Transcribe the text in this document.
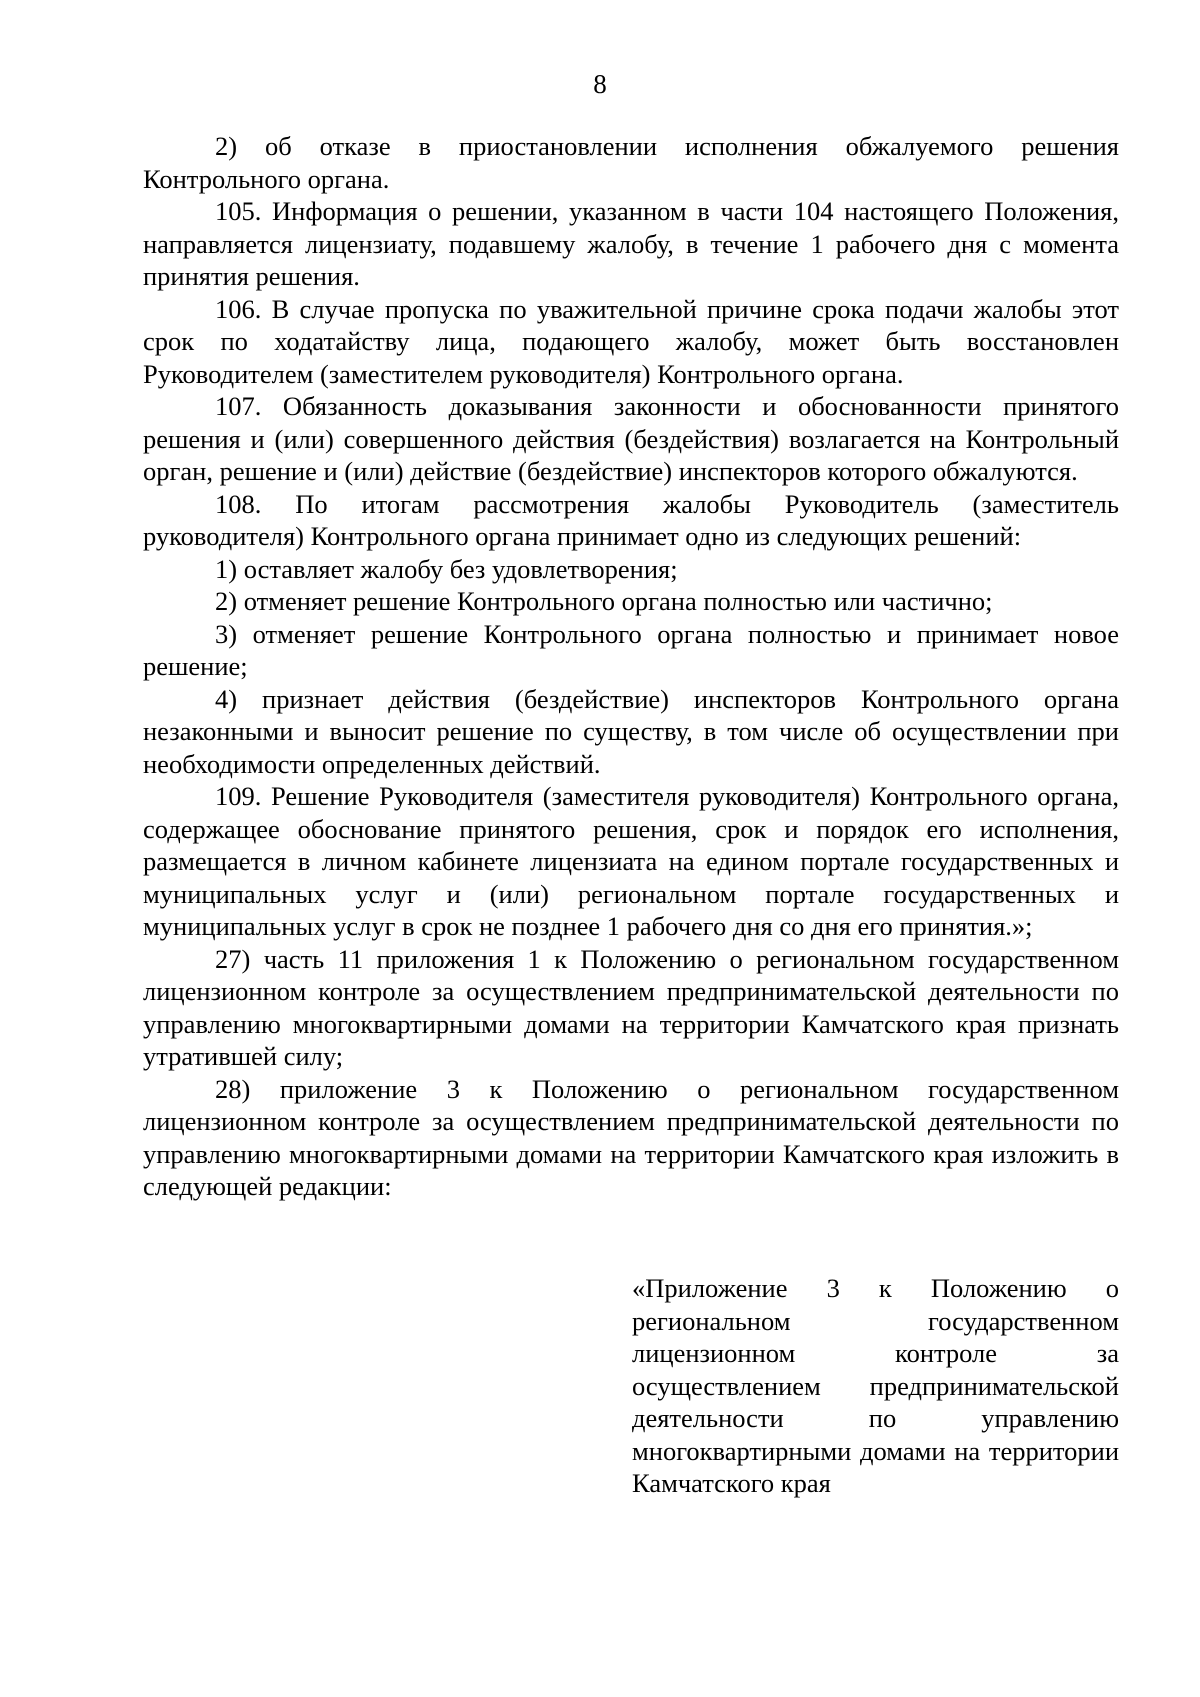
8

2) об отказе в приостановлении исполнения обжалуемого решения Контрольного органа.

105. Информация о решении, указанном в части 104 настоящего Положения, направляется лицензиату, подавшему жалобу, в течение 1 рабочего дня с момента принятия решения.

106. В случае пропуска по уважительной причине срока подачи жалобы этот срок по ходатайству лица, подающего жалобу, может быть восстановлен Руководителем (заместителем руководителя) Контрольного органа.

107. Обязанность доказывания законности и обоснованности принятого решения и (или) совершенного действия (бездействия) возлагается на Контрольный орган, решение и (или) действие (бездействие) инспекторов которого обжалуются.

108. По итогам рассмотрения жалобы Руководитель (заместитель руководителя) Контрольного органа принимает одно из следующих решений:

1) оставляет жалобу без удовлетворения;

2) отменяет решение Контрольного органа полностью или частично;

3) отменяет решение Контрольного органа полностью и принимает новое решение;

4) признает действия (бездействие) инспекторов Контрольного органа незаконными и выносит решение по существу, в том числе об осуществлении при необходимости определенных действий.

109. Решение Руководителя (заместителя руководителя) Контрольного органа, содержащее обоснование принятого решения, срок и порядок его исполнения, размещается в личном кабинете лицензиата на едином портале государственных и муниципальных услуг и (или) региональном портале государственных и муниципальных услуг в срок не позднее 1 рабочего дня со дня его принятия.»;

27) часть 11 приложения 1 к Положению о региональном государственном лицензионном контроле за осуществлением предпринимательской деятельности по управлению многоквартирными домами на территории Камчатского края признать утратившей силу;

28) приложение 3 к Положению о региональном государственном лицензионном контроле за осуществлением предпринимательской деятельности по управлению многоквартирными домами на территории Камчатского края изложить в следующей редакции:

«Приложение 3 к Положению о региональном государственном лицензионном контроле за осуществлением предпринимательской деятельности по управлению многоквартирными домами на территории Камчатского края
